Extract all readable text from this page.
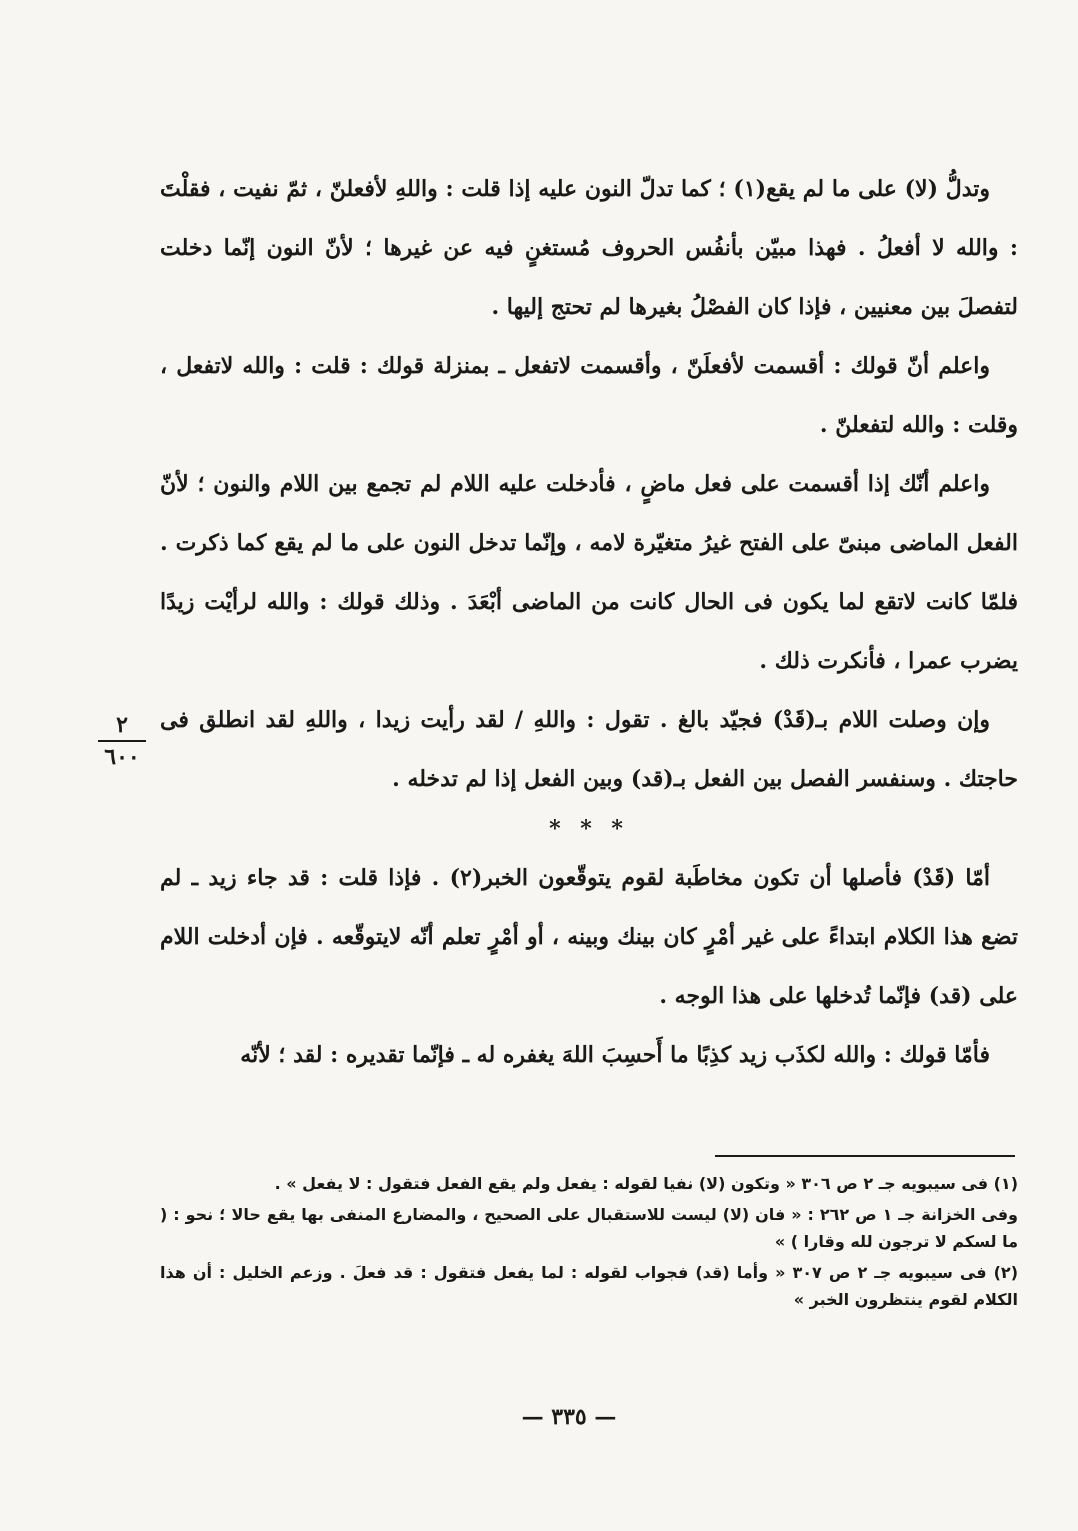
وتدلُّ (لا) على ما لم يقع(١) ؛ كما تدلّ النون عليه إذا قلت : واللهِ لأفعلنّ ، ثمّ نفيت ، فقلْتَ : والله لا أفعلُ . فهذا مبيّن بأنفُس الحروف مُستغنٍ فيه عن غيرها ؛ لأنّ النون إنّما دخلت لتفصلَ بين معنيين ، فإذا كان الفصْلُ بغيرها لم تحتج إليها .

واعلم أنّ قولك : أقسمت لأفعلَنّ ، وأقسمت لاتفعل ـ بمنزلة قولك : قلت : والله لاتفعل ، وقلت : والله لتفعلنّ .

واعلم أنّك إذا أقسمت على فعل ماضٍ ، فأدخلت عليه اللام لم تجمع بين اللام والنون ؛ لأنّ الفعل الماضى مبنىّ على الفتح غيرُ متغيّرة لامه ، وإنّما تدخل النون على ما لم يقع كما ذكرت . فلمّا كانت لاتقع لما يكون فى الحال كانت من الماضى أبْعَدَ . وذلك قولك : والله لرأيْت زيدًا يضرب عمرا ، فأنكرت ذلك .

وإن وصلت اللام بـ(قَدْ) فجيّد بالغ . تقول : واللهِ / لقد رأيت زيدا ، واللهِ لقد انطلق فى حاجتك . وسنفسر الفصل بين الفعل بـ(قد) وبين الفعل إذا لم تدخله .

* * *

أمّا (قَدْ) فأصلها أن تكون مخاطَبة لقوم يتوقّعون الخبر(٢) . فإذا قلت : قد جاء زيد ـ لم تضع هذا الكلام ابتداءً على غير أمْرٍ كان بينك وبينه ، أو أمْرٍ تعلم أنّه لايتوقّعه . فإن أدخلت اللام على (قد) فإنّما تُدخلها على هذا الوجه .

فأمّا قولك : والله لكذَب زيد كذِبًا ما أَحسِبَ اللهَ يغفره له ـ فإنّما تقديره : لقد ؛ لأنّه

٢
٦٠٠

(١) فى سيبويه جـ ٢ ص ٣٠٦ « وتكون (لا) نفيا لقوله : يفعل ولم يقع الفعل فتقول : لا يفعل » .

وفى الخزانة جـ ١ ص ٢٦٢ : « فان (لا) ليست للاستقبال على الصحيح ، والمضارع المنفى بها يقع حالا ؛ نحو : ( ما لسكم لا ترجون لله وقارا ) »

(٢) فى سيبويه جـ ٢ ص ٣٠٧ « وأما (قد) فجواب لقوله : لما يفعل فتقول : قد فعلَ . وزعم الخليل : أن هذا الكلام لقوم ينتظرون الخبر »

— ٣٣٥ —
